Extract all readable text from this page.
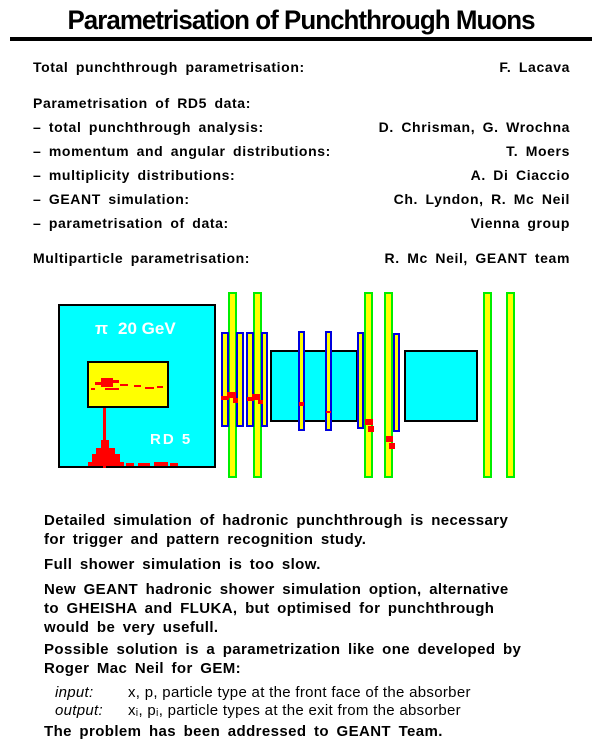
Parametrisation of Punchthrough Muons
Total punchthrough parametrisation:	F. Lacava
Parametrisation of RD5 data:
– total punchthrough analysis:	D. Chrisman, G. Wrochna
– momentum and angular distributions:	T. Moers
– multiplicity distributions:	A. Di Ciaccio
– GEANT simulation:	Ch. Lyndon, R. Mc Neil
– parametrisation of data:	Vienna group
Multiparticle parametrisation:	R. Mc Neil, GEANT team
π 20 GeV
RD 5
Detailed simulation of hadronic punchthrough is necessary
for trigger and pattern recognition study.
Full shower simulation is too slow.
New GEANT hadronic shower simulation option, alternative
to GHEISHA and FLUKA, but optimised for punchthrough
would be very usefull.
Possible solution is a parametrization like one developed by
Roger Mac Neil for GEM:
input: x, p, particle type at the front face of the absorber
output: xᵢ, pᵢ, particle types at the exit from the absorber
The problem has been addressed to GEANT Team.
